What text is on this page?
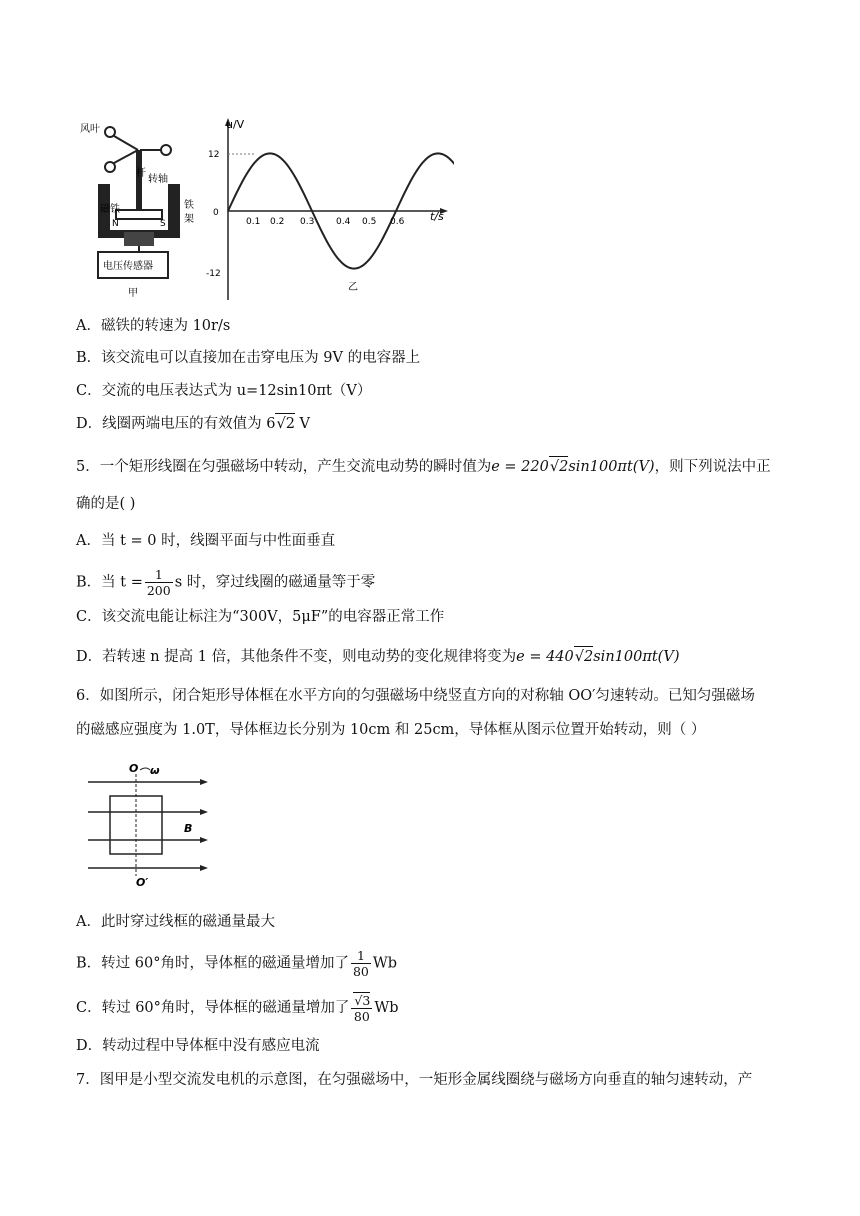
风叶
杆
转轴
磁铁	铁
架
N	S
电压传感器
甲
u/V
t/s
12
0
-12
0.1 0.2 0.3 0.4 0.5 0.6
乙
A．磁铁的转速为 10r/s
B．该交流电可以直接加在击穿电压为 9V 的电容器上
C．交流的电压表达式为 u=12sin10πt（V）
D．线圈两端电压的有效值为 6√2 V
5．一个矩形线圈在匀强磁场中转动，产生交流电动势的瞬时值为e = 220√2sin100πt(V)，则下列说法中正
确的是( )
A．当 t = 0 时，线圈平面与中性面垂直
B．当 $t = \frac{1}{200}$ s 时，穿过线圈的磁通量等于零
C．该交流电能让标注为“300V，5μF”的电容器正常工作
D．若转速 n 提高 1 倍，其他条件不变，则电动势的变化规律将变为e = 440√2sin100πt(V)
6．如图所示，闭合矩形导体框在水平方向的匀强磁场中绕竖直方向的对称轴 OO′匀速转动。已知匀强磁场
的磁感应强度为 1.0T，导体框边长分别为 10cm 和 25cm，导体框从图示位置开始转动，则（ ）
O ω
B
O′
A．此时穿过线框的磁通量最大
B．转过 60°角时，导体框的磁通量增加了 $\frac{1}{80}$ Wb
C．转过 60°角时，导体框的磁通量增加了 $\frac{√3}{80}$ Wb
D．转动过程中导体框中没有感应电流
7．图甲是小型交流发电机的示意图，在匀强磁场中，一矩形金属线圈绕与磁场方向垂直的轴匀速转动，产
